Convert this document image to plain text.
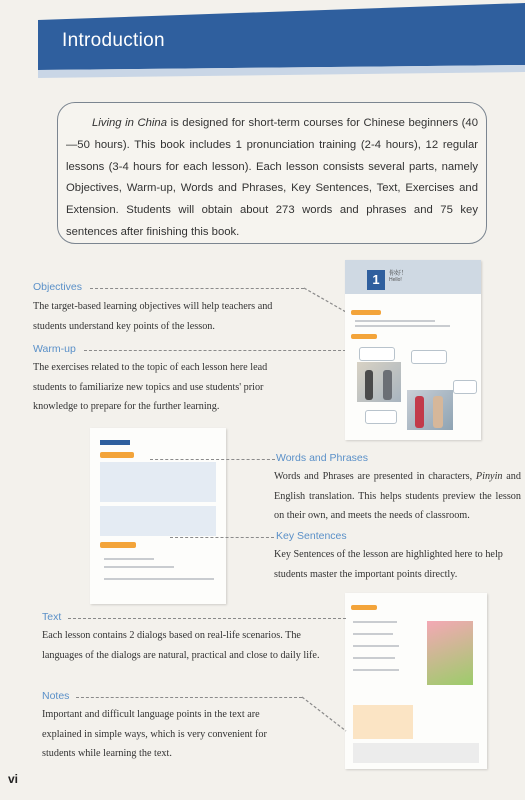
Introduction

Living in China is designed for short-term courses for Chinese beginners (40—50 hours). This book includes 1 pronunciation training (2-4 hours), 12 regular lessons (3-4 hours for each lesson). Each lesson consists several parts, namely Objectives, Warm-up, Words and Phrases, Key Sentences, Text, Exercises and Extension. Students will obtain about 273 words and phrases and 75 key sentences after finishing this book.

Objectives
The target-based learning objectives will help teachers and students understand key points of the lesson.
Warm-up
The exercises related to the topic of each lesson here lead students to familiarize new topics and use students' prior knowledge to prepare for the further learning.
1	你好！
Hello!
Words and Phrases
Words and Phrases are presented in characters, Pinyin and English translation. This helps students preview the lesson on their own, and meets the needs of classroom.
Key Sentences
Key Sentences of the lesson are highlighted here to help students master the important points directly.
Text
Each lesson contains 2 dialogs based on real-life scenarios. The languages of the dialogs are natural, practical and close to daily life.
Notes
Important and difficult language points in the text are explained in simple ways, which is very convenient for students while learning the text.
vi
